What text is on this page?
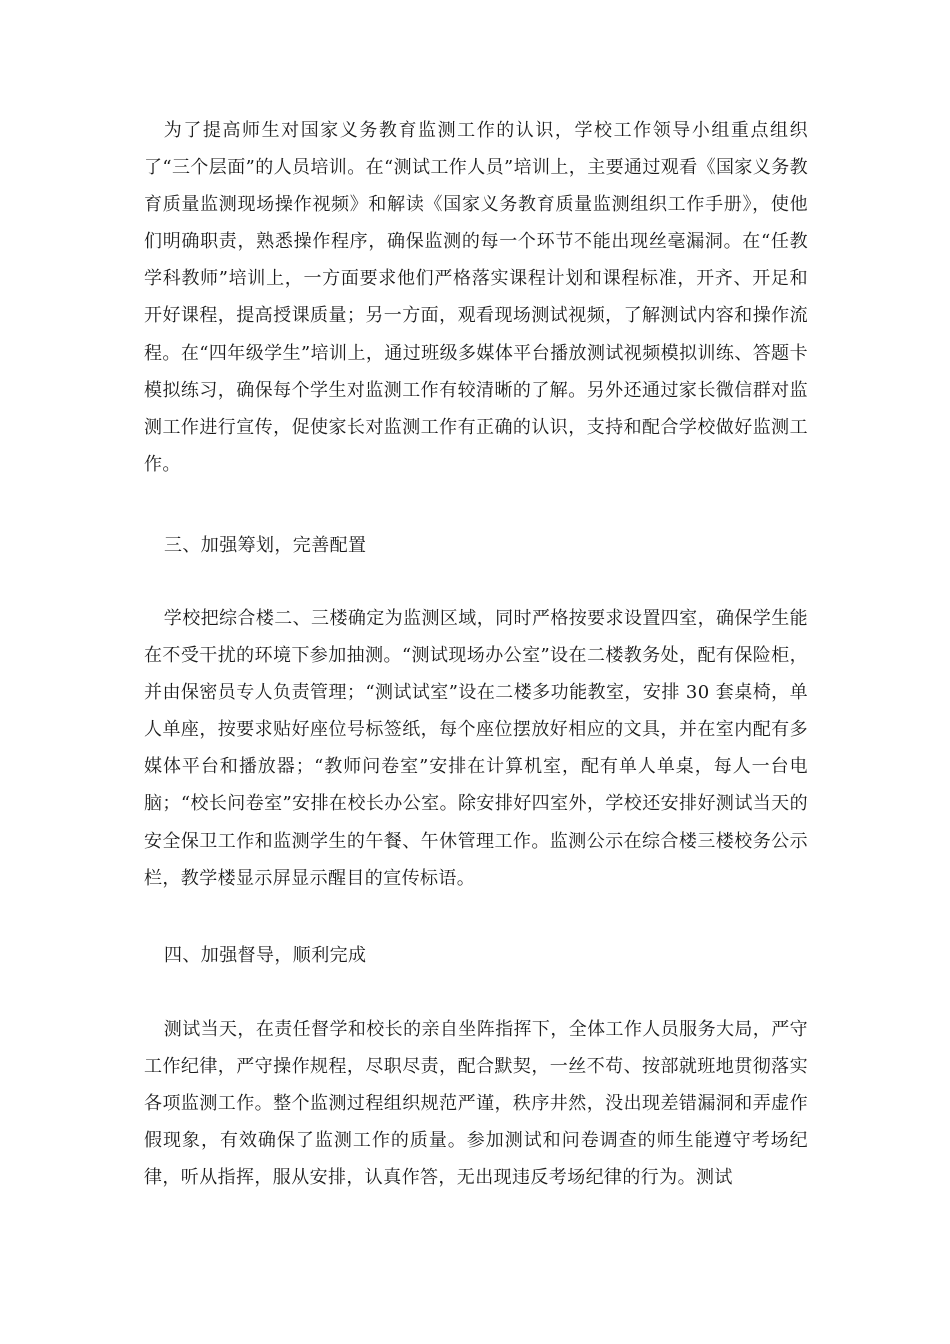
为了提高师生对国家义务教育监测工作的认识，学校工作领导小组重点组织了“三个层面”的人员培训。在“测试工作人员”培训上，主要通过观看《国家义务教育质量监测现场操作视频》和解读《国家义务教育质量监测组织工作手册》，使他们明确职责，熟悉操作程序，确保监测的每一个环节不能出现丝毫漏洞。在“任教学科教师”培训上，一方面要求他们严格落实课程计划和课程标准，开齐、开足和开好课程，提高授课质量；另一方面，观看现场测试视频，了解测试内容和操作流程。在“四年级学生”培训上，通过班级多媒体平台播放测试视频模拟训练、答题卡模拟练习，确保每个学生对监测工作有较清晰的了解。另外还通过家长微信群对监测工作进行宣传，促使家长对监测工作有正确的认识，支持和配合学校做好监测工作。

三、加强筹划，完善配置

学校把综合楼二、三楼确定为监测区域，同时严格按要求设置四室，确保学生能在不受干扰的环境下参加抽测。“测试现场办公室”设在二楼教务处，配有保险柜，并由保密员专人负责管理；“测试试室”设在二楼多功能教室，安排 30 套桌椅，单人单座，按要求贴好座位号标签纸，每个座位摆放好相应的文具，并在室内配有多媒体平台和播放器；“教师问卷室”安排在计算机室，配有单人单桌，每人一台电脑；“校长问卷室”安排在校长办公室。除安排好四室外，学校还安排好测试当天的安全保卫工作和监测学生的午餐、午休管理工作。监测公示在综合楼三楼校务公示栏，教学楼显示屏显示醒目的宣传标语。

四、加强督导，顺利完成

测试当天，在责任督学和校长的亲自坐阵指挥下，全体工作人员服务大局，严守工作纪律，严守操作规程，尽职尽责，配合默契，一丝不苟、按部就班地贯彻落实各项监测工作。整个监测过程组织规范严谨，秩序井然，没出现差错漏洞和弄虚作假现象，有效确保了监测工作的质量。参加测试和问卷调查的师生能遵守考场纪律，听从指挥，服从安排，认真作答，无出现违反考场纪律的行为。测试
